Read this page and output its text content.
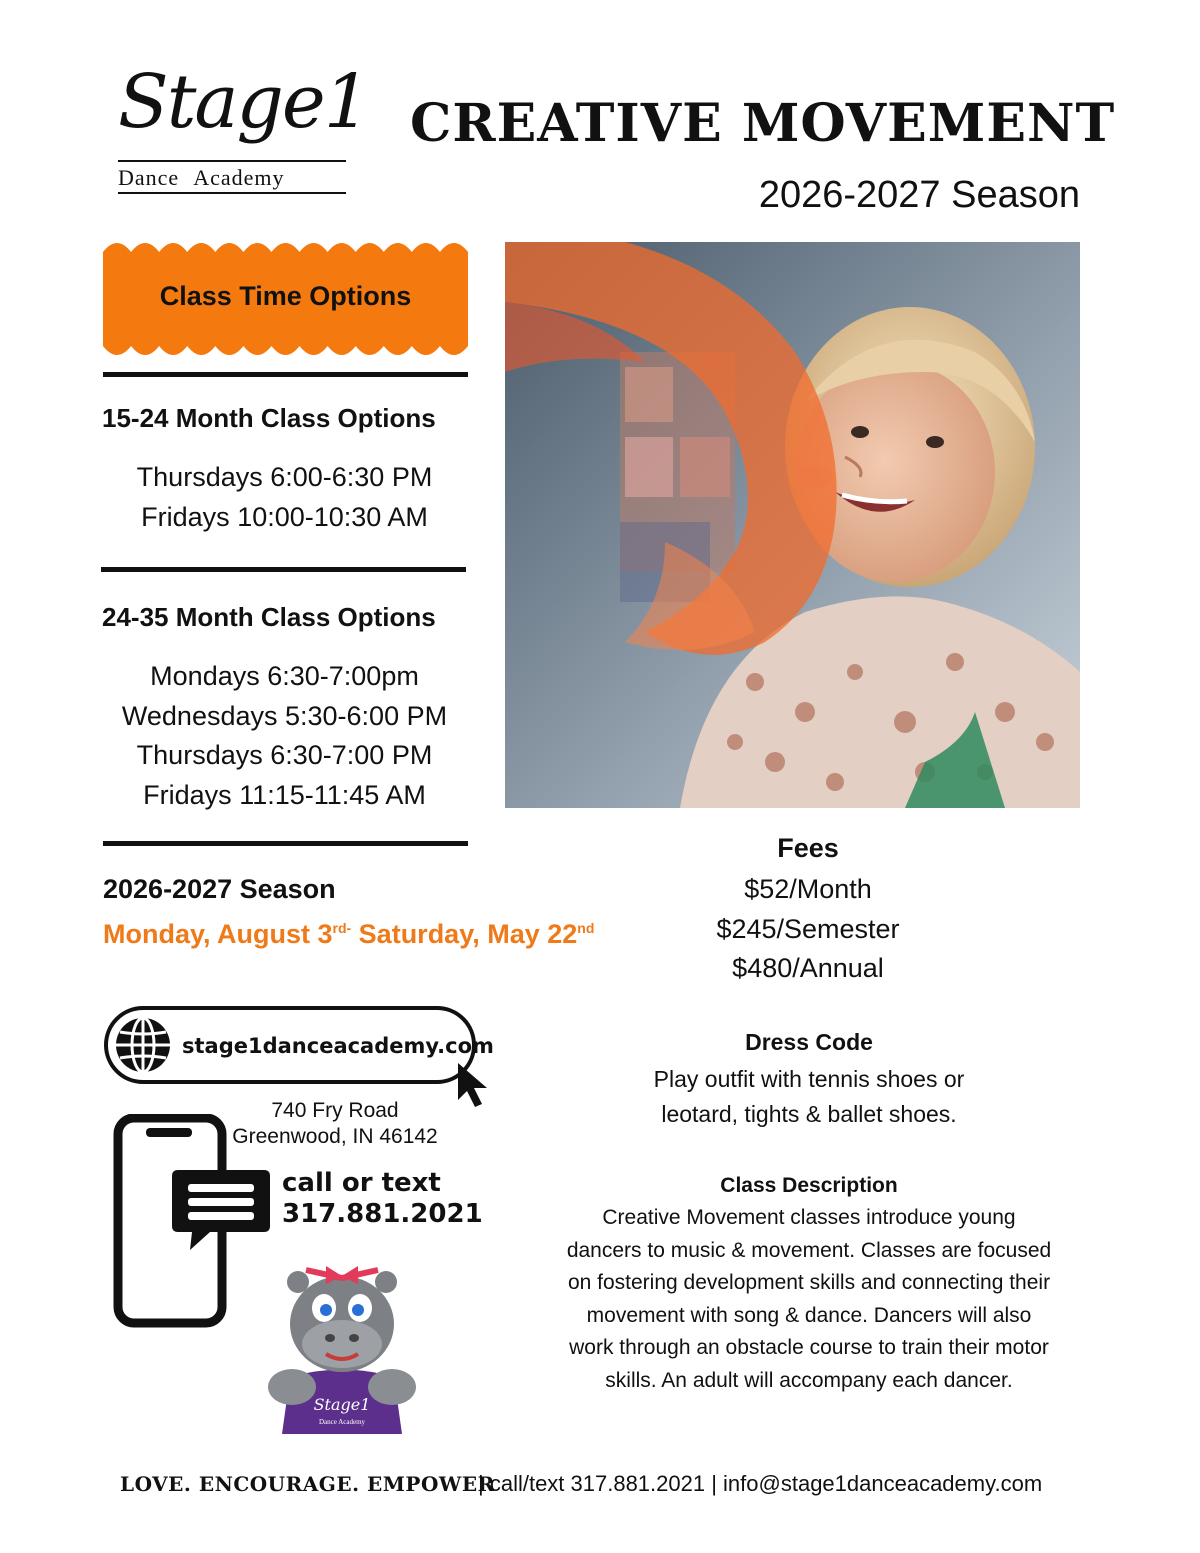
Stage1
Dance Academy
CREATIVE MOVEMENT
2026-2027 Season
Class Time Options
15-24 Month Class Options
Thursdays 6:00-6:30 PM
Fridays 10:00-10:30 AM
24-35 Month Class Options
Mondays 6:30-7:00pm
Wednesdays 5:30-6:00 PM
Thursdays 6:30-7:00 PM
Fridays 11:15-11:45 AM
2026-2027 Season
Monday, August $3^{rd-}$ Saturday, May 22nd
Fees
$52/Month
$245/Semester
$480/Annual
Dress Code
Play outfit with tennis shoes or
leotard, tights & ballet shoes.
Class Description
Creative Movement classes introduce young
dancers to music & movement. Classes are focused
on fostering development skills and connecting their
movement with song & dance. Dancers will also
work through an obstacle course to train their motor
skills. An adult will accompany each dancer.
stage1danceacademy.com
740 Fry Road
Greenwood, IN 46142
call or text
317.881.2021
Stage1
Dance Academy
LOVE. ENCOURAGE. EMPOWER
| call/text 317.881.2021 | info@stage1danceacademy.com
